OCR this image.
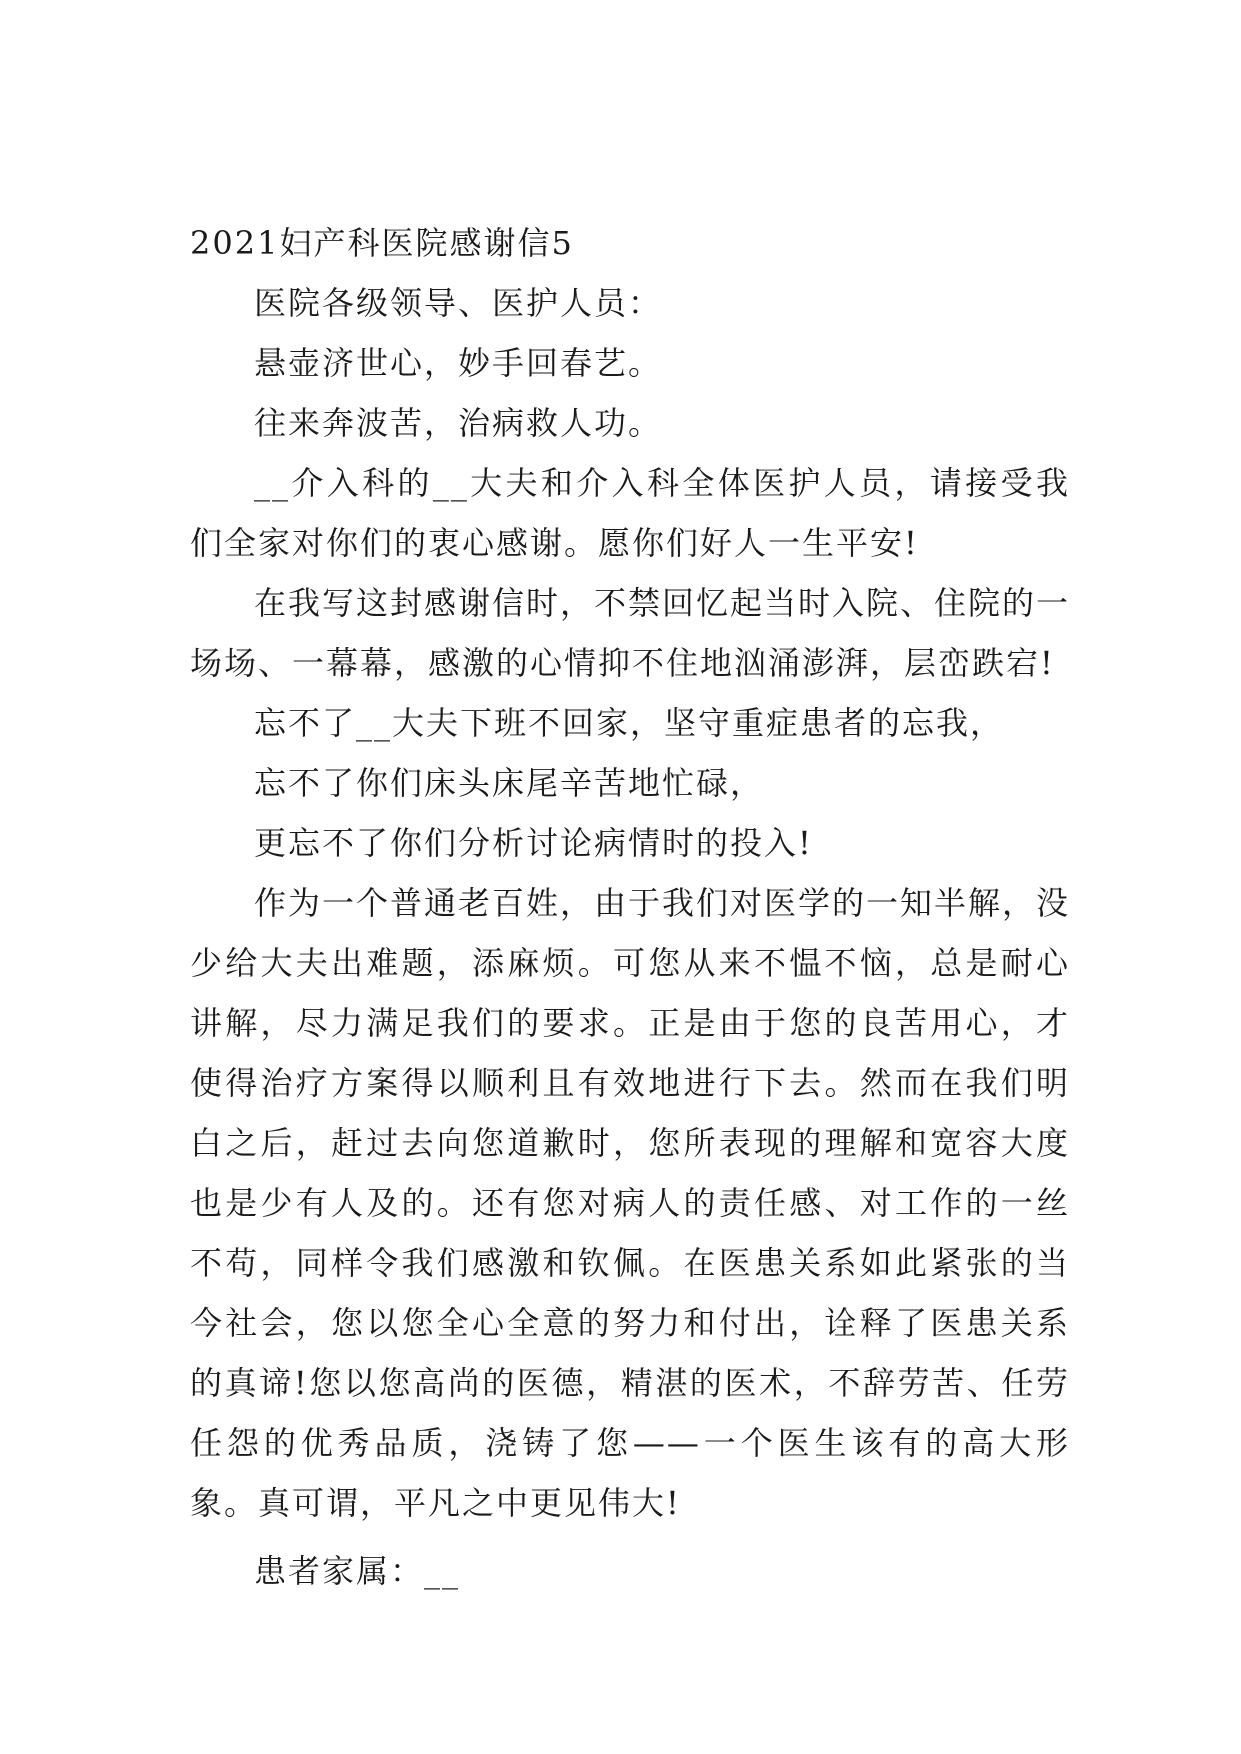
2021妇产科医院感谢信5

医院各级领导、医护人员：

悬壶济世心，妙手回春艺。

往来奔波苦，治病救人功。

__介入科的__大夫和介入科全体医护人员，请接受我们全家对你们的衷心感谢。愿你们好人一生平安!

在我写这封感谢信时，不禁回忆起当时入院、住院的一场场、一幕幕，感激的心情抑不住地汹涌澎湃，层峦跌宕!

忘不了__大夫下班不回家，坚守重症患者的忘我，

忘不了你们床头床尾辛苦地忙碌，

更忘不了你们分析讨论病情时的投入!

作为一个普通老百姓，由于我们对医学的一知半解，没少给大夫出难题，添麻烦。可您从来不愠不恼，总是耐心讲解，尽力满足我们的要求。正是由于您的良苦用心，才使得治疗方案得以顺利且有效地进行下去。然而在我们明白之后，赶过去向您道歉时，您所表现的理解和宽容大度也是少有人及的。还有您对病人的责任感、对工作的一丝不苟，同样令我们感激和钦佩。在医患关系如此紧张的当今社会，您以您全心全意的努力和付出，诠释了医患关系的真谛!您以您高尚的医德，精湛的医术，不辞劳苦、任劳任怨的优秀品质，浇铸了您——一个医生该有的高大形象。真可谓，平凡之中更见伟大!

患者家属：__
